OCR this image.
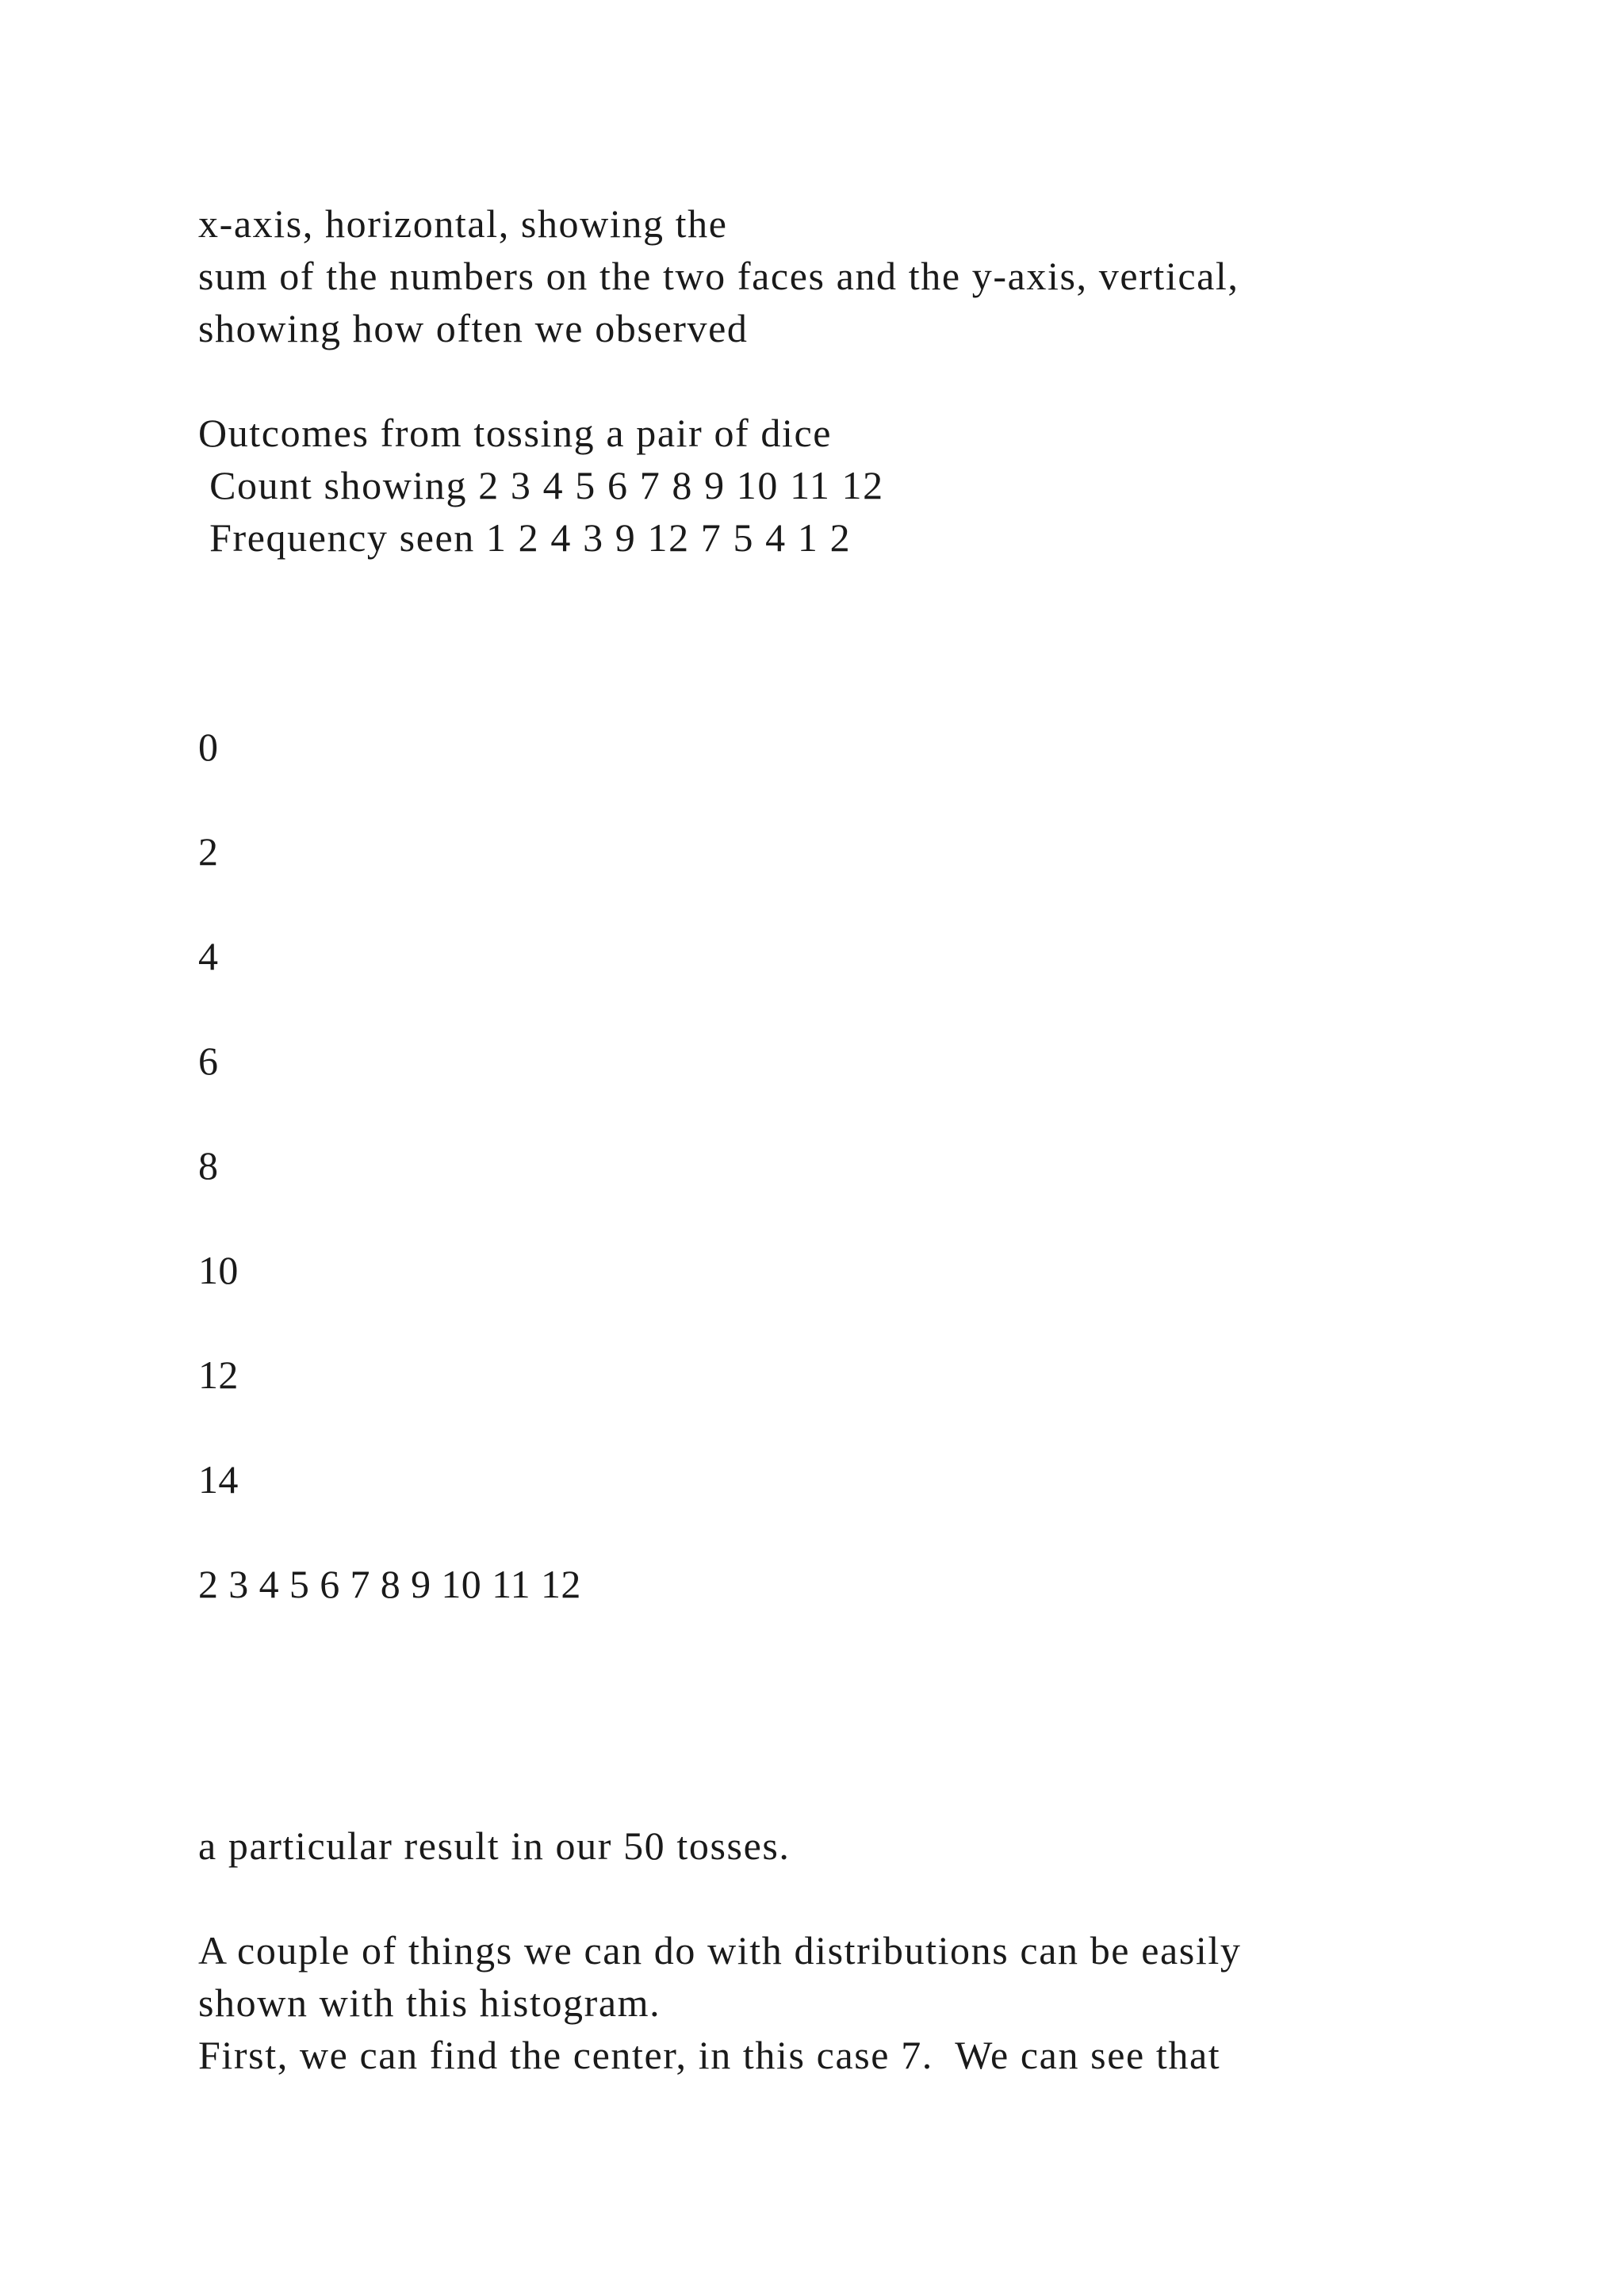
x-axis, horizontal, showing the
sum of the numbers on the two faces and the y-axis, vertical,
showing how often we observed
Outcomes from tossing a pair of dice
Count showing 2 3 4 5 6 7 8 9 10 11 12
Frequency seen 1 2 4 3 9 12 7 5 4 1 2
0
2
4
6
8
10
12
14
2 3 4 5 6 7 8 9 10 11 12
a particular result in our 50 tosses.
A couple of things we can do with distributions can be easily
shown with this histogram.
First, we can find the center, in this case 7.  We can see that
